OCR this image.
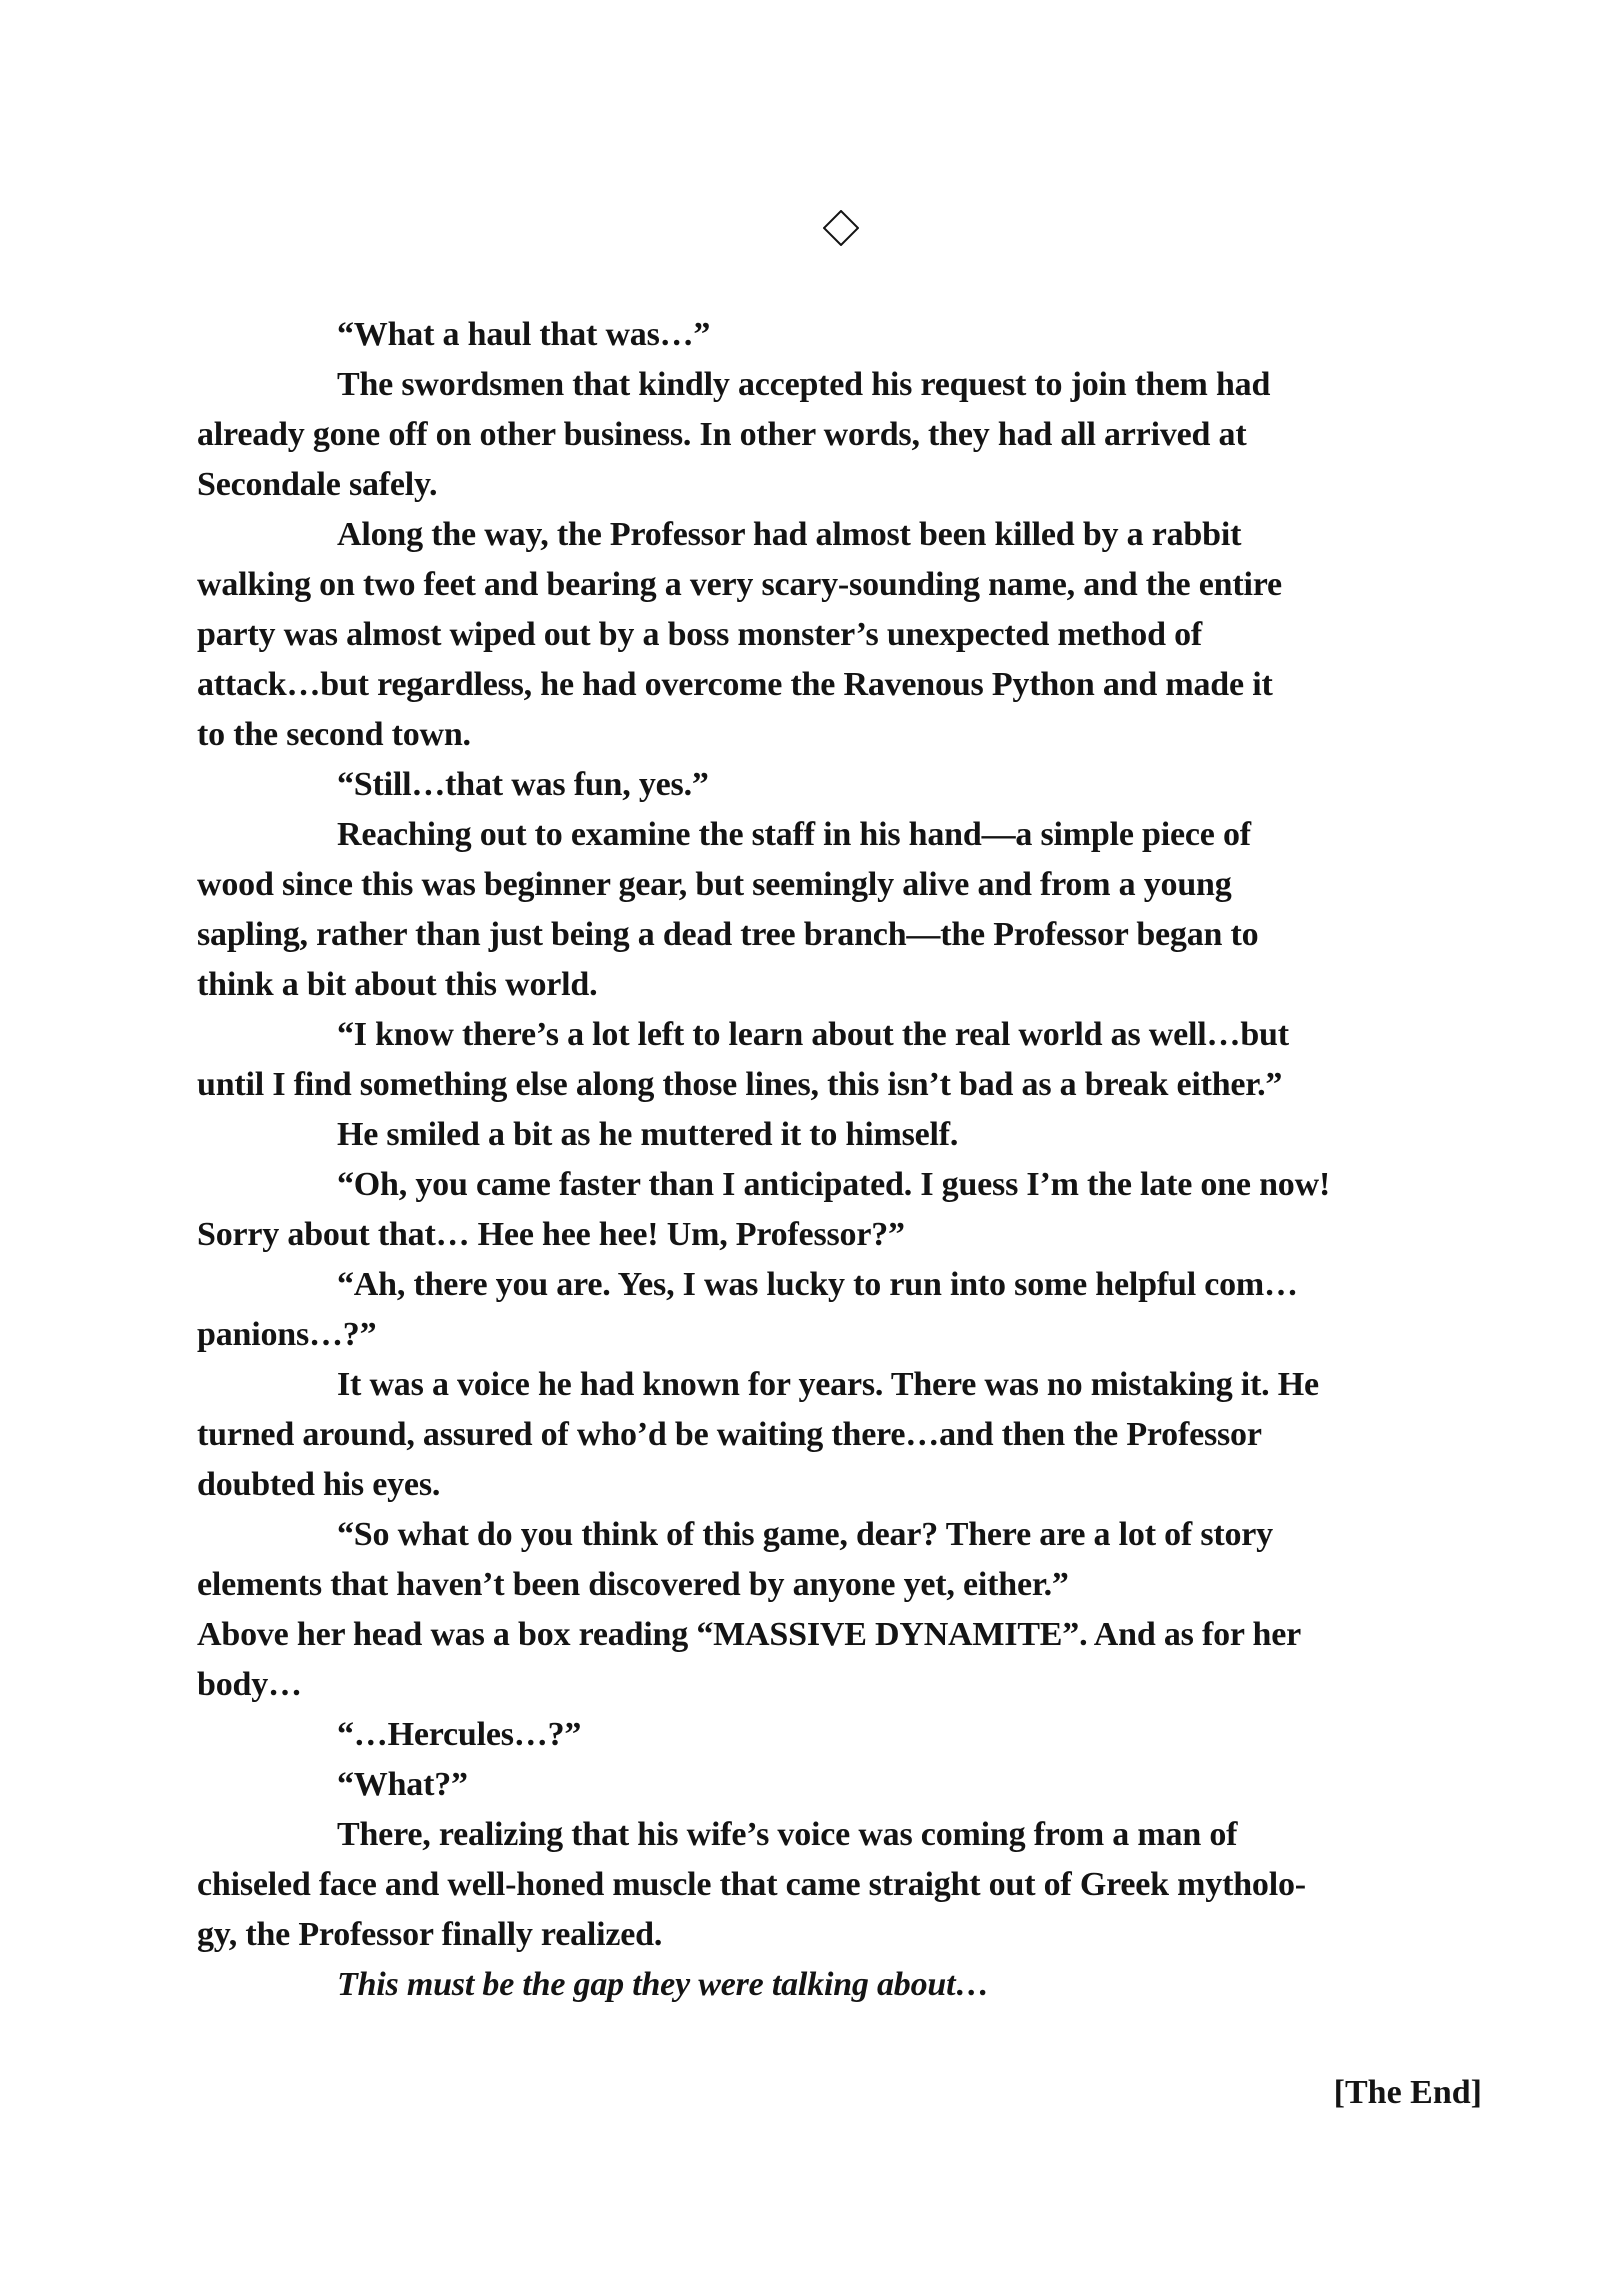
“What a haul that was…”
The swordsmen that kindly accepted his request to join them had
already gone off on other business. In other words, they had all arrived at
Secondale safely.
Along the way, the Professor had almost been killed by a rabbit
walking on two feet and bearing a very scary-sounding name, and the entire
party was almost wiped out by a boss monster’s unexpected method of
attack…but regardless, he had overcome the Ravenous Python and made it
to the second town.
“Still…that was fun, yes.”
Reaching out to examine the staff in his hand—a simple piece of
wood since this was beginner gear, but seemingly alive and from a young
sapling, rather than just being a dead tree branch—the Professor began to
think a bit about this world.
“I know there’s a lot left to learn about the real world as well…but
until I find something else along those lines, this isn’t bad as a break either.”
He smiled a bit as he muttered it to himself.
“Oh, you came faster than I anticipated. I guess I’m the late one now!
Sorry about that… Hee hee hee! Um, Professor?”
“Ah, there you are. Yes, I was lucky to run into some helpful com…
panions…?”
It was a voice he had known for years. There was no mistaking it. He
turned around, assured of who’d be waiting there…and then the Professor
doubted his eyes.
“So what do you think of this game, dear? There are a lot of story
elements that haven’t been discovered by anyone yet, either.”
Above her head was a box reading “MASSIVE DYNAMITE”. And as for her
body…
“…Hercules…?”
“What?”
There, realizing that his wife’s voice was coming from a man of
chiseled face and well-honed muscle that came straight out of Greek mytholo-
gy, the Professor finally realized.
This must be the gap they were talking about…
[The End]
